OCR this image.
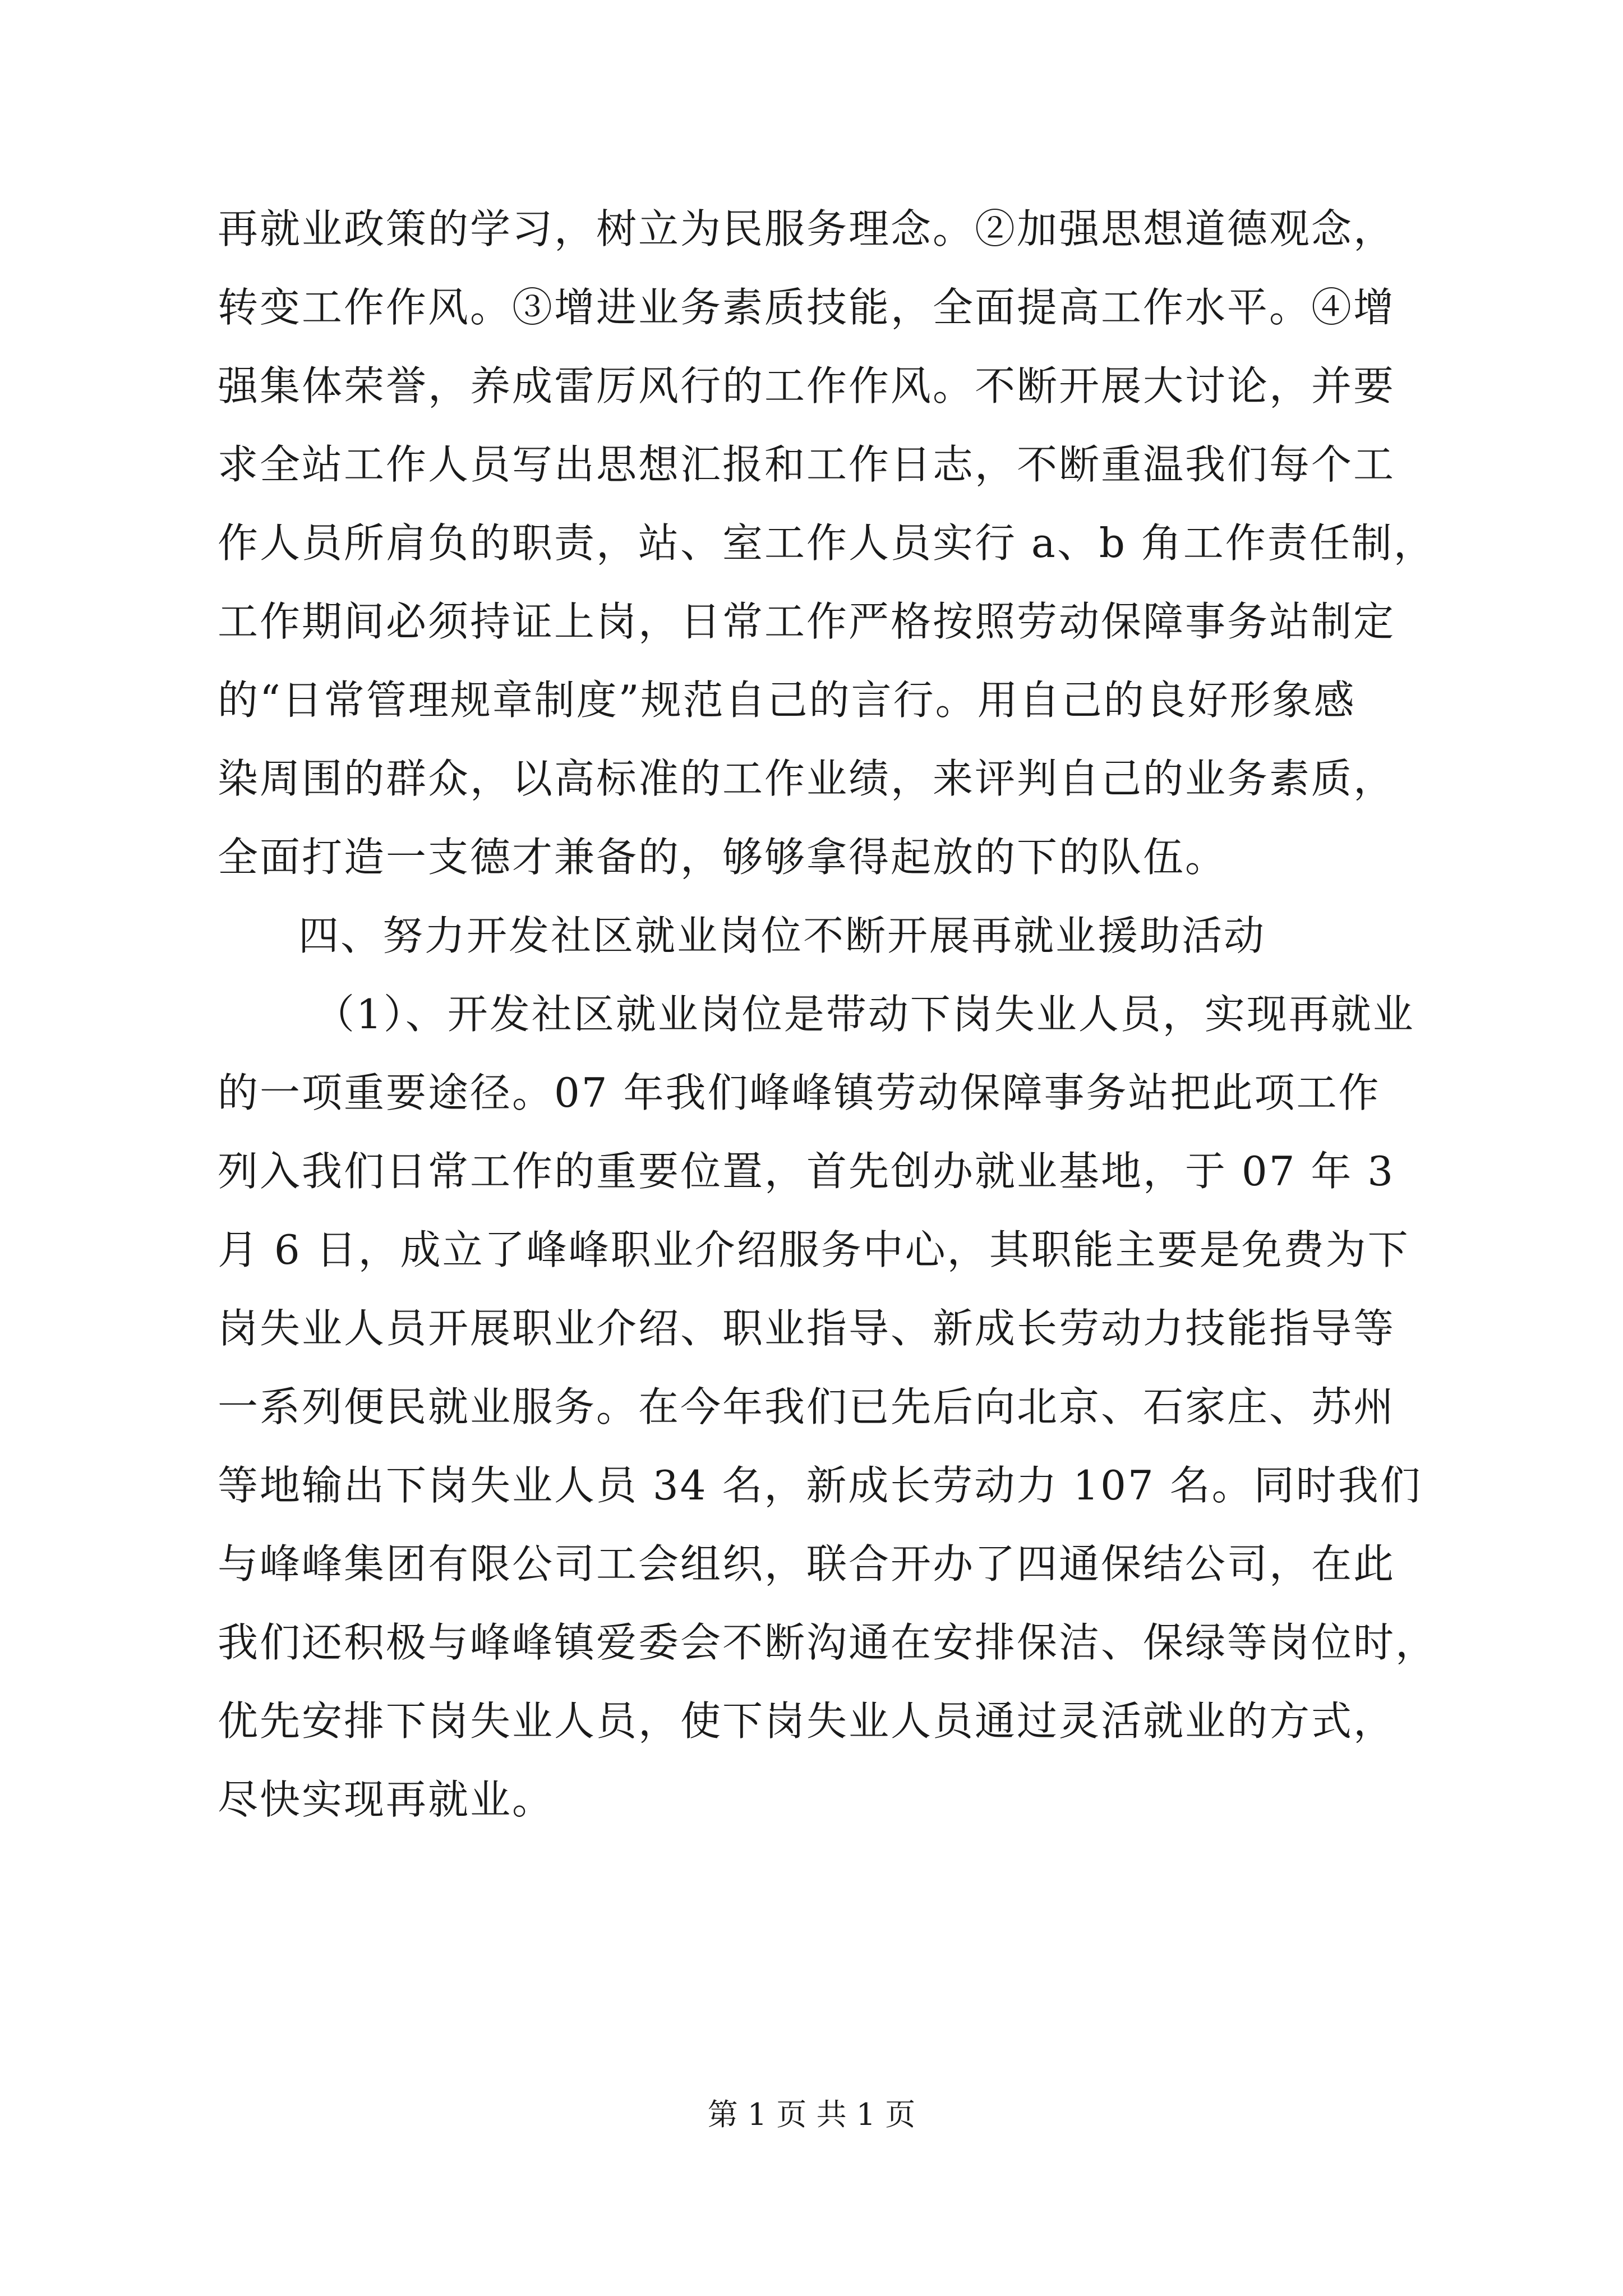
再就业政策的学习，树立为民服务理念。②加强思想道德观念，
转变工作作风。③增进业务素质技能，全面提高工作水平。④增
强集体荣誉，养成雷厉风行的工作作风。不断开展大讨论，并要
求全站工作人员写出思想汇报和工作日志，不断重温我们每个工
作人员所肩负的职责，站、室工作人员实行 a、b 角工作责任制，
工作期间必须持证上岗，日常工作严格按照劳动保障事务站制定
的“日常管理规章制度”规范自己的言行。用自己的良好形象感
染周围的群众，以高标准的工作业绩，来评判自己的业务素质，
全面打造一支德才兼备的，够够拿得起放的下的队伍。
四、努力开发社区就业岗位不断开展再就业援助活动
（1）、开发社区就业岗位是带动下岗失业人员，实现再就业
的一项重要途径。07 年我们峰峰镇劳动保障事务站把此项工作
列入我们日常工作的重要位置，首先创办就业基地，于 07 年 3
月 6 日，成立了峰峰职业介绍服务中心，其职能主要是免费为下
岗失业人员开展职业介绍、职业指导、新成长劳动力技能指导等
一系列便民就业服务。在今年我们已先后向北京、石家庄、苏州
等地输出下岗失业人员 34 名，新成长劳动力 107 名。同时我们
与峰峰集团有限公司工会组织，联合开办了四通保结公司，在此
我们还积极与峰峰镇爱委会不断沟通在安排保洁、保绿等岗位时，
优先安排下岗失业人员，使下岗失业人员通过灵活就业的方式，
尽快实现再就业。
第 1 页 共 1 页
